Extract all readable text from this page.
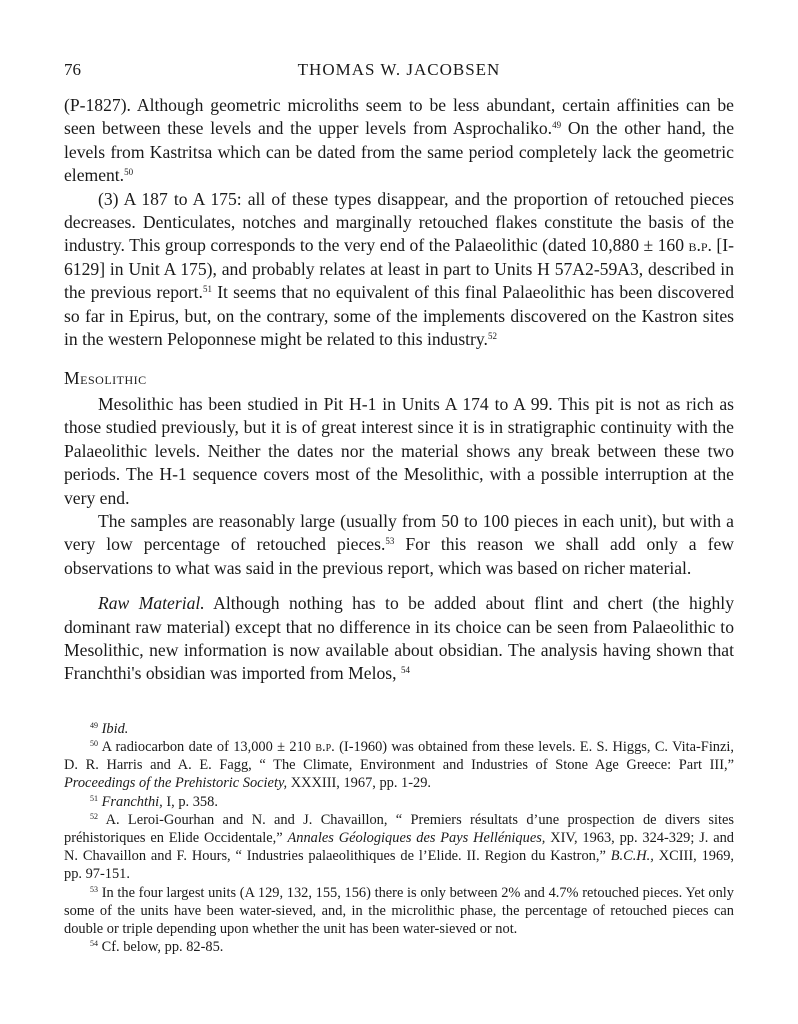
76	THOMAS W. JACOBSEN

(P-1827). Although geometric microliths seem to be less abundant, certain affinities can be seen between these levels and the upper levels from Asprochaliko.$^{49}$ On the other hand, the levels from Kastritsa which can be dated from the same period completely lack the geometric element.$^{50}$

(3) A 187 to A 175: all of these types disappear, and the proportion of retouched pieces decreases. Denticulates, notches and marginally retouched flakes constitute the basis of the industry. This group corresponds to the very end of the Palaeolithic (dated 10,880 ± 160 b.p. [I-6129] in Unit A 175), and probably relates at least in part to Units H 57A2-59A3, described in the previous report.$^{51}$ It seems that no equivalent of this final Palaeolithic has been discovered so far in Epirus, but, on the contrary, some of the implements discovered on the Kastron sites in the western Peloponnese might be related to this industry.$^{52}$

Mesolithic

Mesolithic has been studied in Pit H-1 in Units A 174 to A 99. This pit is not as rich as those studied previously, but it is of great interest since it is in stratigraphic continuity with the Palaeolithic levels. Neither the dates nor the material shows any break between these two periods. The H-1 sequence covers most of the Mesolithic, with a possible interruption at the very end.

The samples are reasonably large (usually from 50 to 100 pieces in each unit), but with a very low percentage of retouched pieces.$^{53}$ For this reason we shall add only a few observations to what was said in the previous report, which was based on richer material.

Raw Material. Although nothing has to be added about flint and chert (the highly dominant raw material) except that no difference in its choice can be seen from Palaeolithic to Mesolithic, new information is now available about obsidian. The analysis having shown that Franchthi's obsidian was imported from Melos, $^{54}$

$^{49}$ Ibid.

$^{50}$ A radiocarbon date of 13,000 ± 210 b.p. (I-1960) was obtained from these levels. E. S. Higgs, C. Vita-Finzi, D. R. Harris and A. E. Fagg, “ The Climate, Environment and Industries of Stone Age Greece: Part III,” Proceedings of the Prehistoric Society, XXXIII, 1967, pp. 1-29.

$^{51}$ Franchthi, I, p. 358.

$^{52}$ A. Leroi-Gourhan and N. and J. Chavaillon, “ Premiers résultats d’une prospection de divers sites préhistoriques en Elide Occidentale,” Annales Géologiques des Pays Helléniques, XIV, 1963, pp. 324-329; J. and N. Chavaillon and F. Hours, “ Industries palaeolithiques de l’Elide. II. Region du Kastron,” B.C.H., XCIII, 1969, pp. 97-151.

$^{53}$ In the four largest units (A 129, 132, 155, 156) there is only between 2% and 4.7% retouched pieces. Yet only some of the units have been water-sieved, and, in the microlithic phase, the percentage of retouched pieces can double or triple depending upon whether the unit has been water-sieved or not.

$^{54}$ Cf. below, pp. 82-85.
